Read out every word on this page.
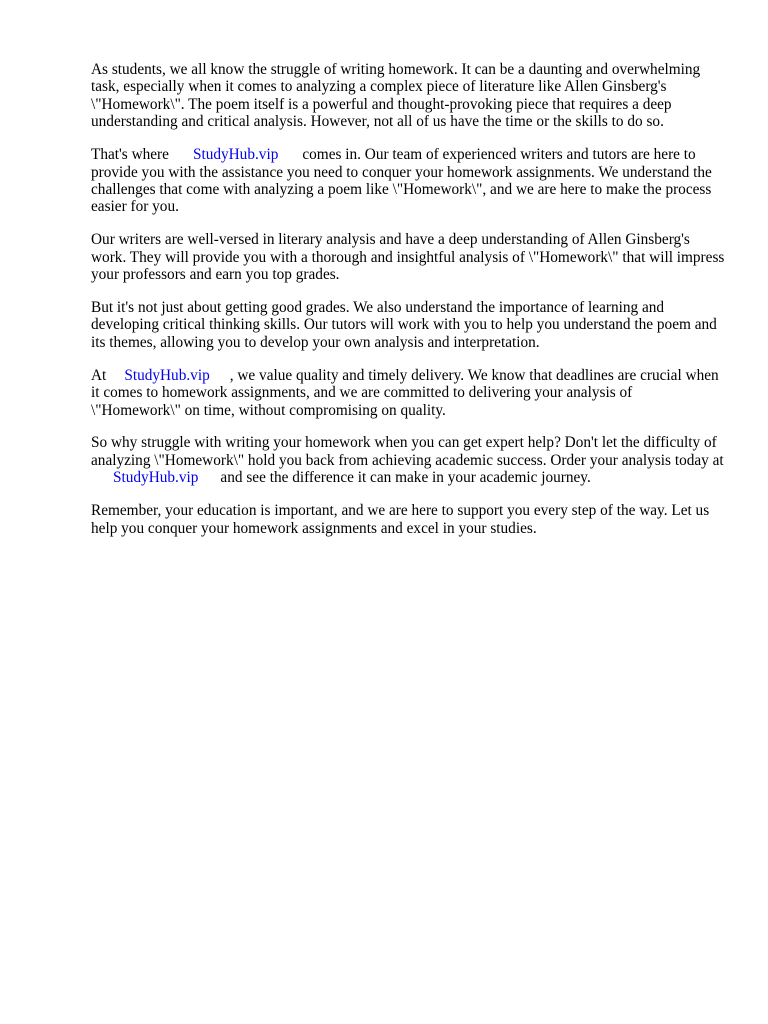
As students, we all know the struggle of writing homework. It can be a daunting and overwhelming task, especially when it comes to analyzing a complex piece of literature like Allen Ginsberg's \"Homework\". The poem itself is a powerful and thought-provoking piece that requires a deep understanding and critical analysis. However, not all of us have the time or the skills to do so.

That's where StudyHub.vip comes in. Our team of experienced writers and tutors are here to provide you with the assistance you need to conquer your homework assignments. We understand the challenges that come with analyzing a poem like \"Homework\", and we are here to make the process easier for you.

Our writers are well-versed in literary analysis and have a deep understanding of Allen Ginsberg's work. They will provide you with a thorough and insightful analysis of \"Homework\" that will impress your professors and earn you top grades.

But it's not just about getting good grades. We also understand the importance of learning and developing critical thinking skills. Our tutors will work with you to help you understand the poem and its themes, allowing you to develop your own analysis and interpretation.

At StudyHub.vip , we value quality and timely delivery. We know that deadlines are crucial when it comes to homework assignments, and we are committed to delivering your analysis of \"Homework\" on time, without compromising on quality.

So why struggle with writing your homework when you can get expert help? Don't let the difficulty of analyzing \"Homework\" hold you back from achieving academic success. Order your analysis today atStudyHub.vip and see the difference it can make in your academic journey.

Remember, your education is important, and we are here to support you every step of the way. Let us help you conquer your homework assignments and excel in your studies.
